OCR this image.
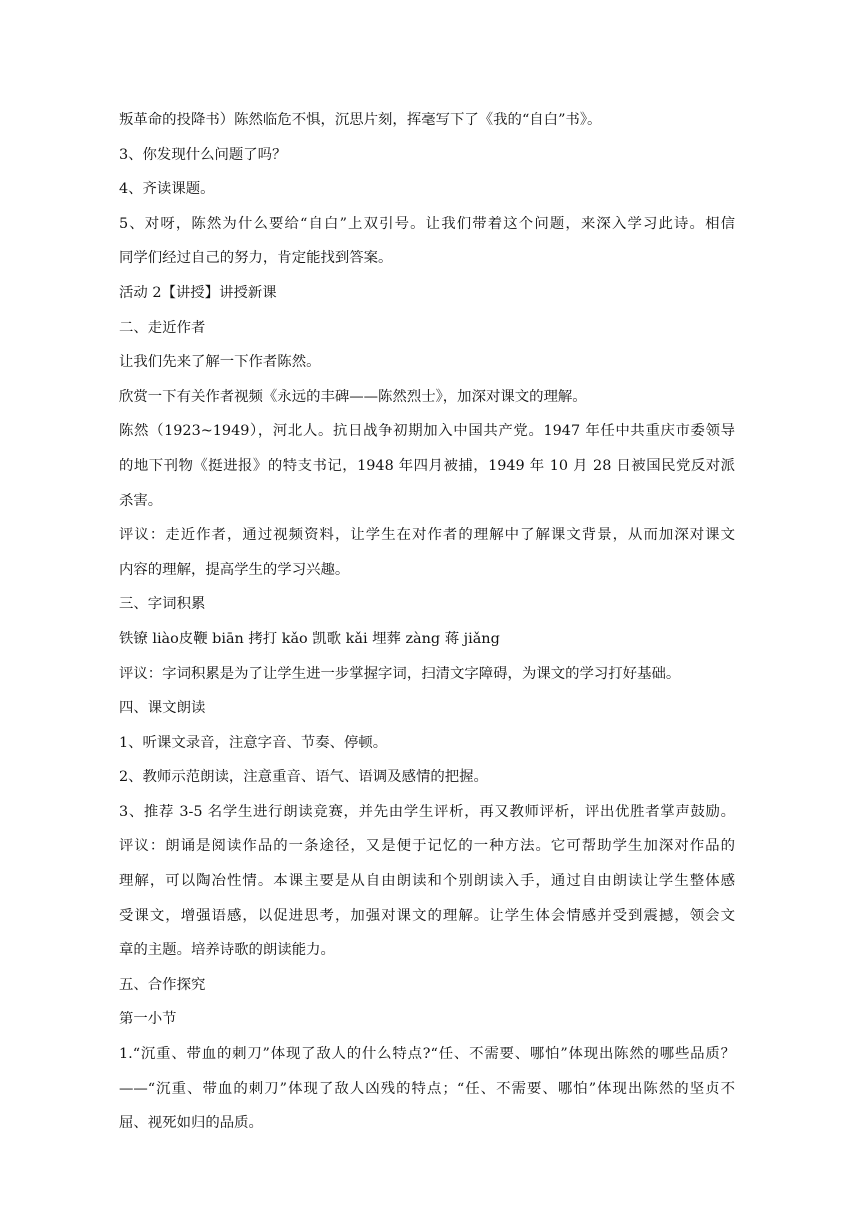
叛革命的投降书）陈然临危不惧，沉思片刻，挥毫写下了《我的“自白”书》。
3、你发现什么问题了吗？
4、齐读课题。
5、对呀，陈然为什么要给“自白”上双引号。让我们带着这个问题，来深入学习此诗。相信
同学们经过自己的努力，肯定能找到答案。
活动 2【讲授】讲授新课
二、走近作者
让我们先来了解一下作者陈然。
欣赏一下有关作者视频《永远的丰碑——陈然烈士》，加深对课文的理解。
陈然（1923~1949），河北人。抗日战争初期加入中国共产党。1947 年任中共重庆市委领导
的地下刊物《挺进报》的特支书记，1948 年四月被捕，1949 年 10 月 28 日被国民党反对派
杀害。
评议：走近作者，通过视频资料，让学生在对作者的理解中了解课文背景，从而加深对课文
内容的理解，提高学生的学习兴趣。
三、字词积累
铁镣 liào皮鞭 biān 拷打 kǎo 凯歌 kǎi 埋葬 zàng 蒋 jiǎng
评议：字词积累是为了让学生进一步掌握字词，扫清文字障碍，为课文的学习打好基础。
四、课文朗读
1、听课文录音，注意字音、节奏、停顿。
2、教师示范朗读，注意重音、语气、语调及感情的把握。
3、推荐 3-5 名学生进行朗读竞赛，并先由学生评析，再又教师评析，评出优胜者掌声鼓励。
评议：朗诵是阅读作品的一条途径，又是便于记忆的一种方法。它可帮助学生加深对作品的
理解，可以陶冶性情。本课主要是从自由朗读和个别朗读入手，通过自由朗读让学生整体感
受课文，增强语感，以促进思考，加强对课文的理解。让学生体会情感并受到震撼，领会文
章的主题。培养诗歌的朗读能力。
五、合作探究
第一小节
1.“沉重、带血的刺刀”体现了敌人的什么特点?“任、不需要、哪怕”体现出陈然的哪些品质？
——“沉重、带血的刺刀”体现了敌人凶残的特点；“任、不需要、哪怕”体现出陈然的坚贞不
屈、视死如归的品质。
